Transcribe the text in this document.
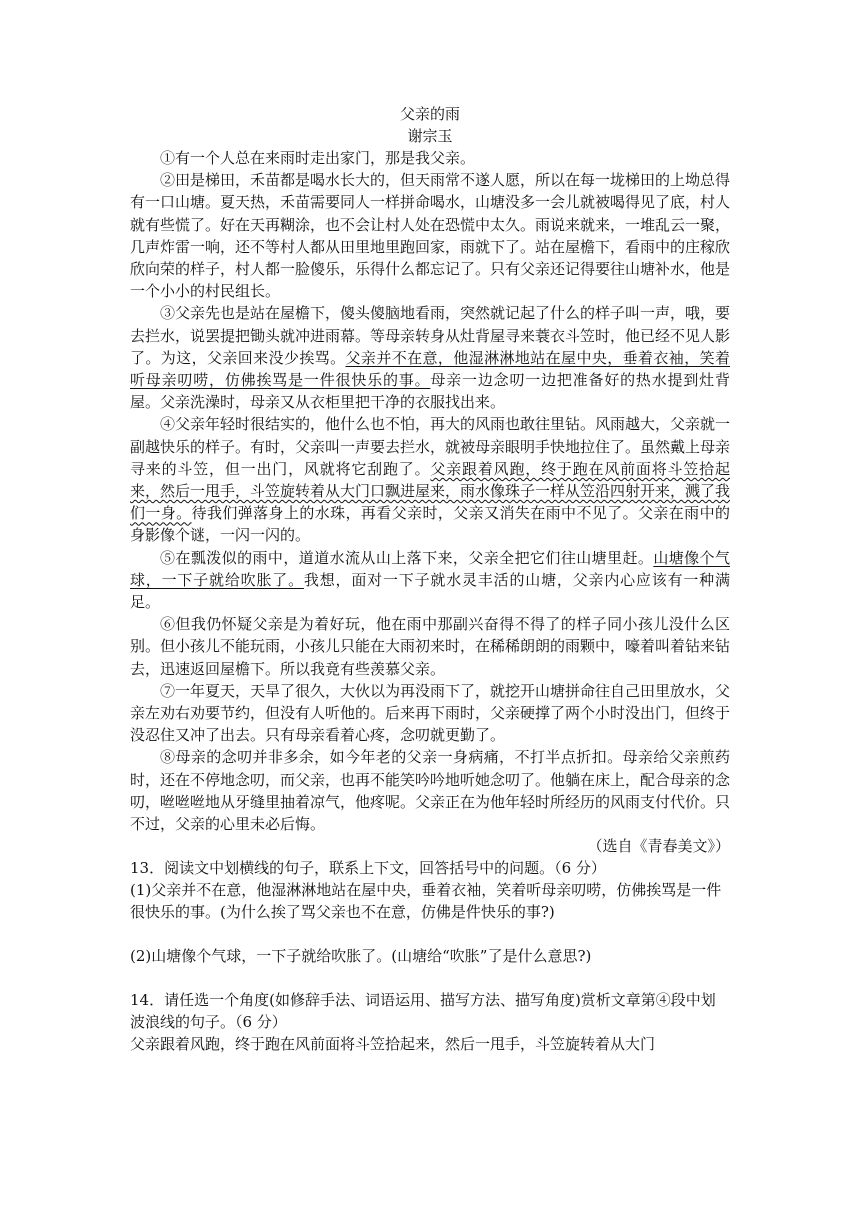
父亲的雨
谢宗玉

①有一个人总在来雨时走出家门，那是我父亲。

②田是梯田，禾苗都是喝水长大的，但天雨常不遂人愿，所以在每一垅梯田的上坳总得有一口山塘。夏天热，禾苗需要同人一样拼命喝水，山塘没多一会儿就被喝得见了底，村人就有些慌了。好在天再糊涂，也不会让村人处在恐慌中太久。雨说来就来，一堆乱云一聚，几声炸雷一响，还不等村人都从田里地里跑回家，雨就下了。站在屋檐下，看雨中的庄稼欣欣向荣的样子，村人都一脸傻乐，乐得什么都忘记了。只有父亲还记得要往山塘补水，他是一个小小的村民组长。

③父亲先也是站在屋檐下，傻头傻脑地看雨，突然就记起了什么的样子叫一声，哦，要去拦水，说罢提把锄头就冲进雨幕。等母亲转身从灶背屋寻来蓑衣斗笠时，他已经不见人影了。为这，父亲回来没少挨骂。父亲并不在意，他湿淋淋地站在屋中央，垂着衣袖，笑着听母亲叨唠，仿佛挨骂是一件很快乐的事。母亲一边念叨一边把准备好的热水提到灶背屋。父亲洗澡时，母亲又从衣柜里把干净的衣服找出来。

④父亲年轻时很结实的，他什么也不怕，再大的风雨也敢往里钻。风雨越大，父亲就一副越快乐的样子。有时，父亲叫一声要去拦水，就被母亲眼明手快地拉住了。虽然戴上母亲寻来的斗笠，但一出门，风就将它刮跑了。父亲跟着风跑，终于跑在风前面将斗笠拾起来，然后一甩手，斗笠旋转着从大门口飘进屋来，雨水像珠子一样从笠沿四射开来，溅了我们一身。待我们弹落身上的水珠，再看父亲时，父亲又消失在雨中不见了。父亲在雨中的身影像个谜，一闪一闪的。

⑤在瓢泼似的雨中，道道水流从山上落下来，父亲全把它们往山塘里赶。山塘像个气球，一下子就给吹胀了。我想，面对一下子就水灵丰活的山塘，父亲内心应该有一种满足。

⑥但我仍怀疑父亲是为着好玩，他在雨中那副兴奋得不得了的样子同小孩儿没什么区别。但小孩儿不能玩雨，小孩儿只能在大雨初来时，在稀稀朗朗的雨颗中，嚎着叫着钻来钻去，迅速返回屋檐下。所以我竟有些羡慕父亲。

⑦一年夏天，天旱了很久，大伙以为再没雨下了，就挖开山塘拼命往自己田里放水，父亲左劝右劝要节约，但没有人听他的。后来再下雨时，父亲硬撑了两个小时没出门，但终于没忍住又冲了出去。只有母亲看着心疼，念叨就更勤了。

⑧母亲的念叨并非多余，如今年老的父亲一身病痛，不打半点折扣。母亲给父亲煎药时，还在不停地念叨，而父亲，也再不能笑吟吟地听她念叨了。他躺在床上，配合母亲的念叨，咝咝咝地从牙缝里抽着凉气，他疼呢。父亲正在为他年轻时所经历的风雨支付代价。只不过，父亲的心里未必后悔。

（选自《青春美文》）

13．阅读文中划横线的句子，联系上下文，回答括号中的问题。（6 分）

(1)父亲并不在意，他湿淋淋地站在屋中央，垂着衣袖，笑着听母亲叨唠，仿佛挨骂是一件很快乐的事。(为什么挨了骂父亲也不在意，仿佛是件快乐的事?)

(2)山塘像个气球，一下子就给吹胀了。(山塘给“吹胀”了是什么意思?)

14．请任选一个角度(如修辞手法、词语运用、描写方法、描写角度)赏析文章第④段中划波浪线的句子。（6 分）

父亲跟着风跑，终于跑在风前面将斗笠拾起来，然后一甩手，斗笠旋转着从大门
